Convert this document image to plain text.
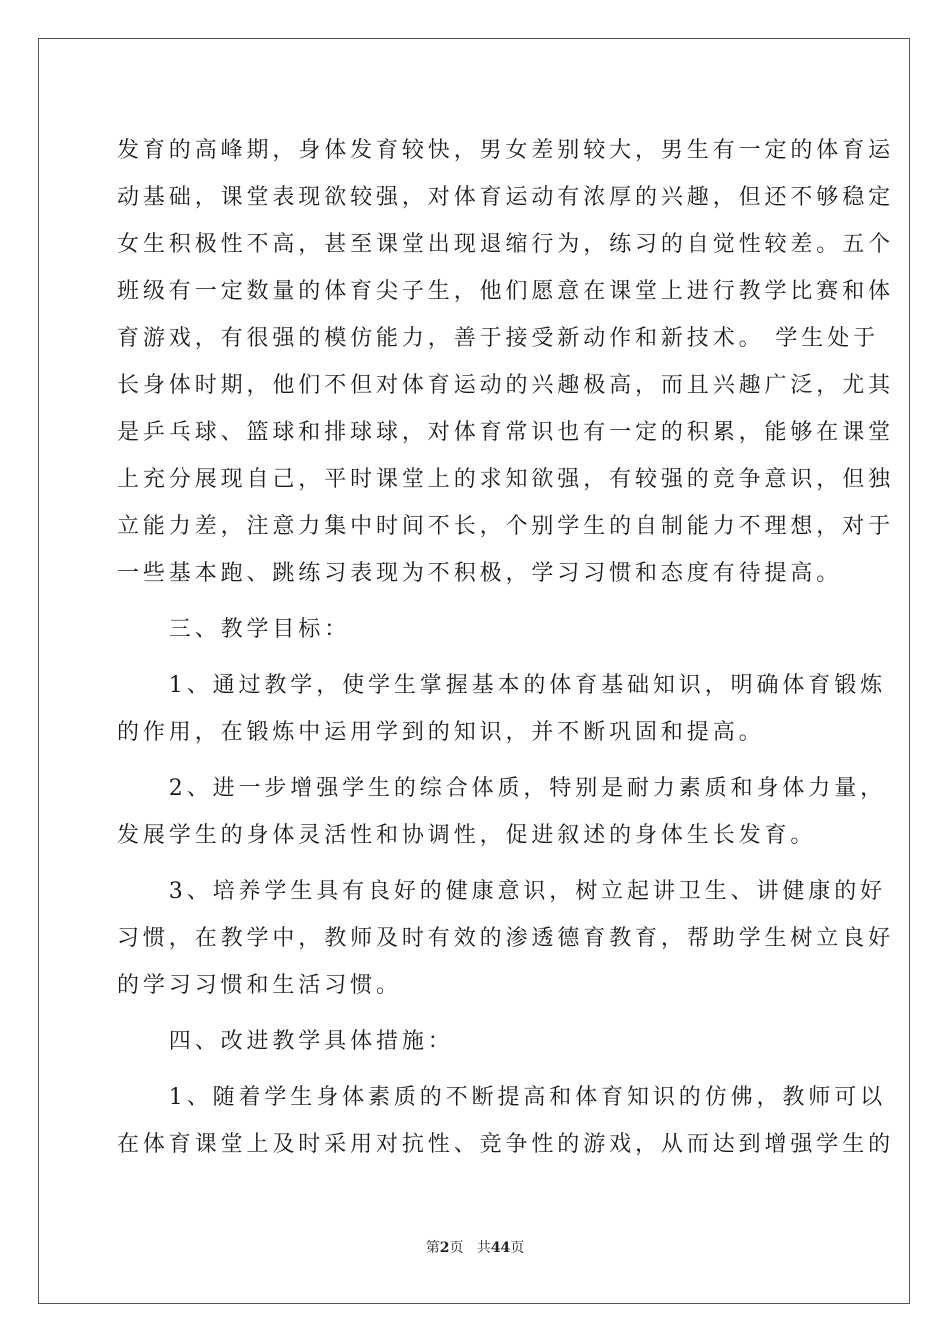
发育的高峰期，身体发育较快，男女差别较大，男生有一定的体育运
动基础，课堂表现欲较强，对体育运动有浓厚的兴趣，但还不够稳定
女生积极性不高，甚至课堂出现退缩行为，练习的自觉性较差。五个
班级有一定数量的体育尖子生，他们愿意在课堂上进行教学比赛和体
育游戏，有很强的模仿能力，善于接受新动作和新技术。 学生处于
长身体时期，他们不但对体育运动的兴趣极高，而且兴趣广泛，尤其
是乒乓球、篮球和排球球，对体育常识也有一定的积累，能够在课堂
上充分展现自己，平时课堂上的求知欲强，有较强的竞争意识，但独
立能力差，注意力集中时间不长，个别学生的自制能力不理想，对于
一些基本跑、跳练习表现为不积极，学习习惯和态度有待提高。
　　三、教学目标：
　　1、通过教学，使学生掌握基本的体育基础知识，明确体育锻炼
的作用，在锻炼中运用学到的知识，并不断巩固和提高。
　　2、进一步增强学生的综合体质，特别是耐力素质和身体力量，
发展学生的身体灵活性和协调性，促进叙述的身体生长发育。
　　3、培养学生具有良好的健康意识，树立起讲卫生、讲健康的好
习惯，在教学中，教师及时有效的渗透德育教育，帮助学生树立良好
的学习习惯和生活习惯。
　　四、改进教学具体措施：
　　1、随着学生身体素质的不断提高和体育知识的仿佛，教师可以
在体育课堂上及时采用对抗性、竞争性的游戏，从而达到增强学生的
第2页 共44页
